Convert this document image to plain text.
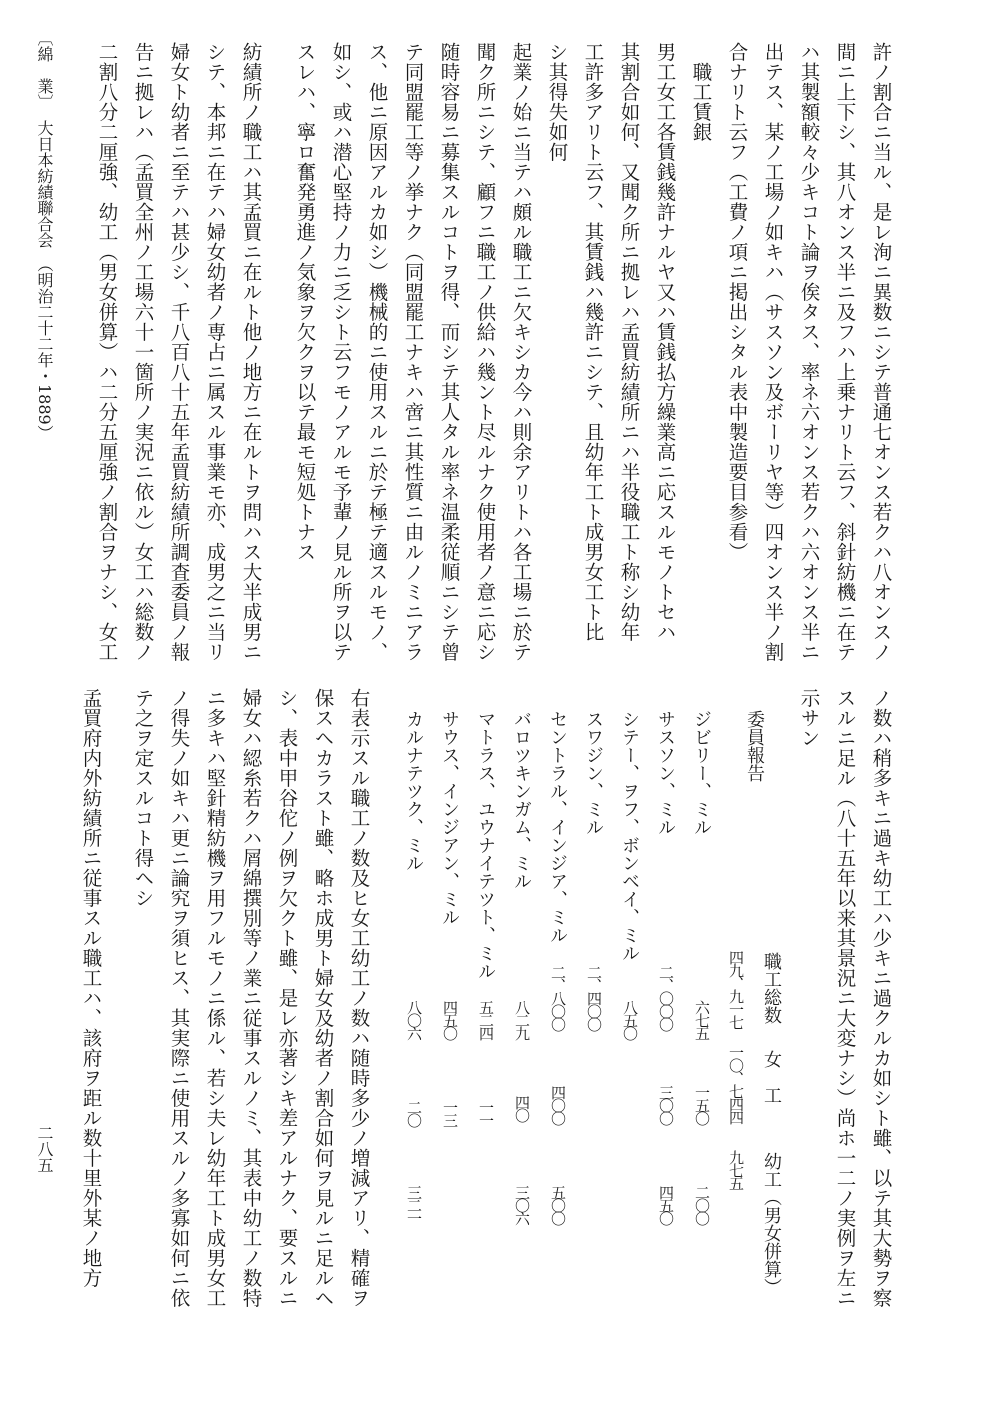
許ノ割合ニ当ル、是レ洵ニ異数ニシテ普通七オンス若クハ八オンスノ
間ニ上下シ、其八オンス半ニ及フハ上乗ナリト云フ、斜針紡機ニ在テ
ハ其製額較々少キコト論ヲ俟タス、率ネ六オンス若クハ六オンス半ニ
出テス、某ノ工場ノ如キハ（サスソン及ボーリヤ等）四オンス半ノ割
合ナリト云フ（工費ノ項ニ掲出シタル表中製造要目参看）
　職工賃銀
男工女工各賃銭幾許ナルヤ又ハ賃銭払方繰業高ニ応スルモノトセハ
其割合如何、又聞ク所ニ拠レハ孟買紡績所ニハ半役職工ト称シ幼年
工許多アリト云フ、其賃銭ハ幾許ニシテ、且幼年工ト成男女工ト比
シ其得失如何
起業ノ始ニ当テハ頗ル職工ニ欠キシカ今ハ則余アリトハ各工場ニ於テ
聞ク所ニシテ、顧フニ職工ノ供給ハ幾ント尽ルナク使用者ノ意ニ応シ
随時容易ニ募集スルコトヲ得、而シテ其人タル率ネ温柔従順ニシテ曾
テ同盟罷工等ノ挙ナク（同盟罷工ナキハ啻ニ其性質ニ由ルノミニアラ
ス、他ニ原因アルカ如シ）機械的ニ使用スルニ於テ極テ適スルモノ、
如シ、或ハ潜心堅持ノ力ニ乏シト云フモノアルモ予輩ノ見ル所ヲ以テ
スレハ、寧ロ奮発勇進ノ気象ヲ欠クヲ以テ最モ短処トナス
紡績所ノ職工ハ其孟買ニ在ルト他ノ地方ニ在ルトヲ問ハス大半成男ニ
シテ、本邦ニ在テハ婦女幼者ノ専占ニ属スル事業モ亦、成男之ニ当リ
婦女ト幼者ニ至テハ甚少シ、千八百八十五年孟買紡績所調査委員ノ報
告ニ拠レハ（孟買全州ノ工場六十一箇所ノ実況ニ依ル）女工ハ総数ノ
二割八分二厘強、幼工（男女併算）ハ二分五厘強ノ割合ヲナシ、女工
ノ数ハ稍多キニ過キ幼工ハ少キニ過クルカ如シト雖、以テ其大勢ヲ察
スルニ足ル（八十五年以来其景況ニ大変ナシ）尚ホ一二ノ実例ヲ左ニ
示サン
右表示スル職工ノ数及ヒ女工幼工ノ数ハ随時多少ノ増減アリ、精確ヲ
保スヘカラスト雖、略ホ成男ト婦女及幼者ノ割合如何ヲ見ルニ足ルヘ
シ、表中甲谷佗ノ例ヲ欠クト雖、是レ亦著シキ差アルナク、要スルニ
婦女ハ綛糸若クハ屑綿撰別等ノ業ニ従事スルノミ、其表中幼工ノ数特
ニ多キハ堅針精紡機ヲ用フルモノニ係ル、若シ夫レ幼年工ト成男女工
ノ得失ノ如キハ更ニ論究ヲ須ヒス、其実際ニ使用スルノ多寡如何ニ依
テ之ヲ定スルコト得ヘシ
孟買府内外紡績所ニ従事スル職工ハ、該府ヲ距ル数十里外某ノ地方	委員報告
職工総数
女　工
幼工（男女併算）
四九、九一七
一〇、七四四
九七五
ジビリー、ミル
六七五
一五〇
二〇〇
サスソン、ミル
二、〇〇〇
三〇〇
四五〇
シテー、ヲフ、ボンベイ、ミル
八五〇
スワジン、ミル
二、四〇〇
セントラル、インジア、ミル
二、八〇〇
四〇〇
五〇〇
バロツキンガム、ミル
八二九
四〇
三〇六
マトラス、ユウナイテツト、ミル
五二四
一一
サウス、インジアン、ミル
四五〇
一三
カルナテツク、ミル
八〇六
二〇
三二一
〔綿　業〕
大日本紡績聯合会　（明治二十二年・1889）
二八五
